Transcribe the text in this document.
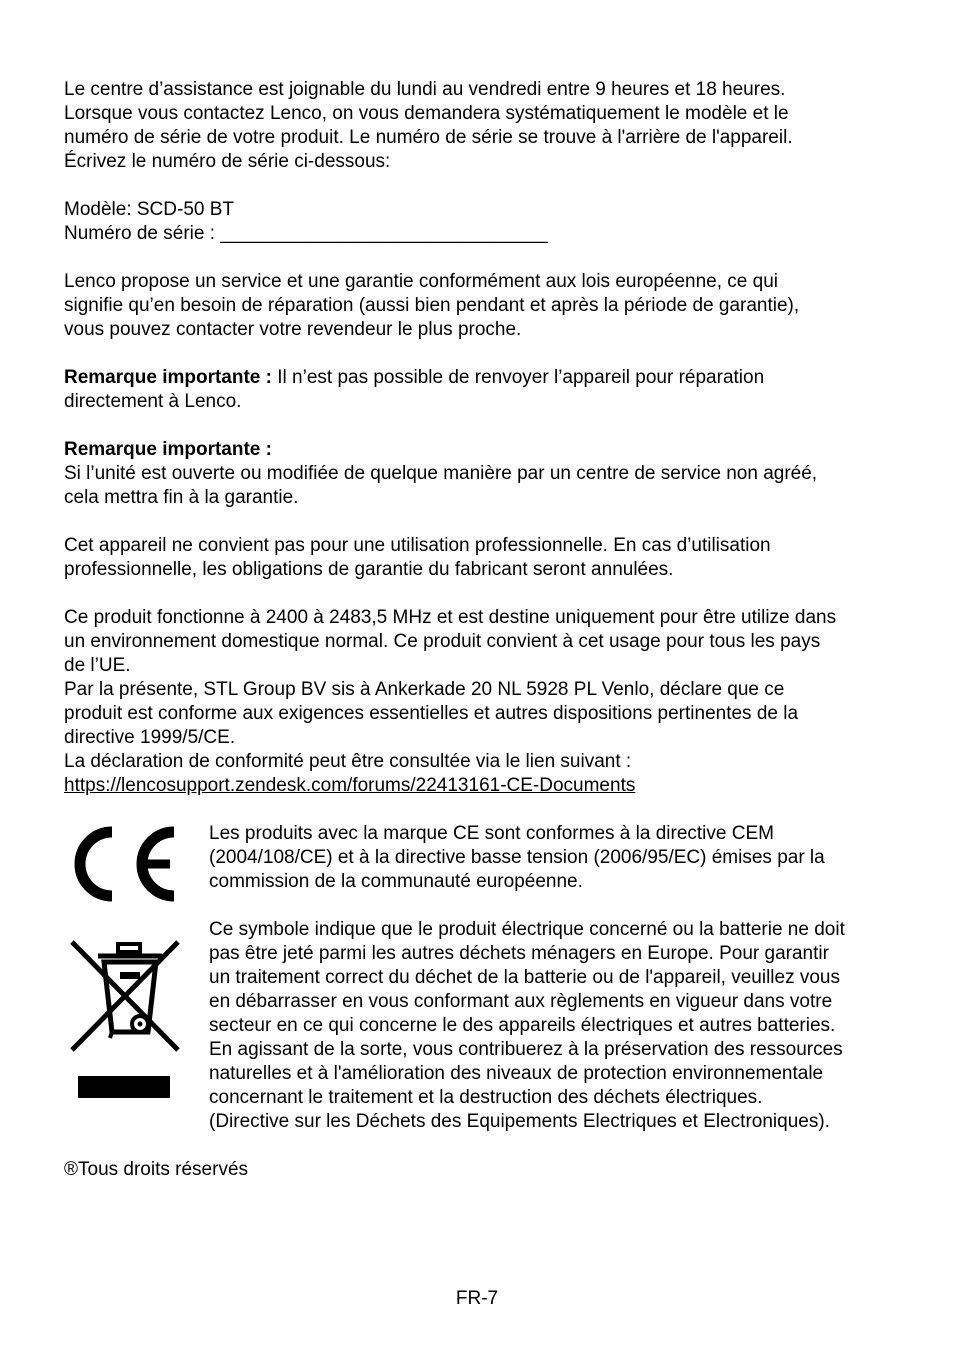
Le centre d’assistance est joignable du lundi au vendredi entre 9 heures et 18 heures.

Lorsque vous contactez Lenco, on vous demandera systématiquement le modèle et le

numéro de série de votre produit. Le numéro de série se trouve à l'arrière de l'appareil.

Écrivez le numéro de série ci-dessous:

Modèle: SCD-50 BT

Numéro de série : _______________________________

Lenco propose un service et une garantie conformément aux lois européenne, ce qui

signifie qu’en besoin de réparation (aussi bien pendant et après la période de garantie),

vous pouvez contacter votre revendeur le plus proche.

Remarque importante : Il n’est pas possible de renvoyer l’appareil pour réparation

directement à Lenco.

Remarque importante :

Si l’unité est ouverte ou modifiée de quelque manière par un centre de service non agréé,

cela mettra fin à la garantie.

Cet appareil ne convient pas pour une utilisation professionnelle. En cas d’utilisation

professionnelle, les obligations de garantie du fabricant seront annulées.

Ce produit fonctionne à 2400 à 2483,5 MHz et est destine uniquement pour être utilize dans

un environnement domestique normal. Ce produit convient à cet usage pour tous les pays

de l’UE.

Par la présente, STL Group BV sis à Ankerkade 20 NL 5928 PL Venlo, déclare que ce

produit est conforme aux exigences essentielles et autres dispositions pertinentes de la

directive 1999/5/CE.

La déclaration de conformité peut être consultée via le lien suivant :

https://lencosupport.zendesk.com/forums/22413161-CE-Documents

Les produits avec la marque CE sont conformes à la directive CEM

(2004/108/CE) et à la directive basse tension (2006/95/EC) émises par la

commission de la communauté européenne.

Ce symbole indique que le produit électrique concerné ou la batterie ne doit

pas être jeté parmi les autres déchets ménagers en Europe. Pour garantir

un traitement correct du déchet de la batterie ou de l'appareil, veuillez vous

en débarrasser en vous conformant aux règlements en vigueur dans votre

secteur en ce qui concerne le des appareils électriques et autres batteries.

En agissant de la sorte, vous contribuerez à la préservation des ressources

naturelles et à l'amélioration des niveaux de protection environnementale

concernant le traitement et la destruction des déchets électriques.

(Directive sur les Déchets des Equipements Electriques et Electroniques).

®Tous droits réservés

FR-7
